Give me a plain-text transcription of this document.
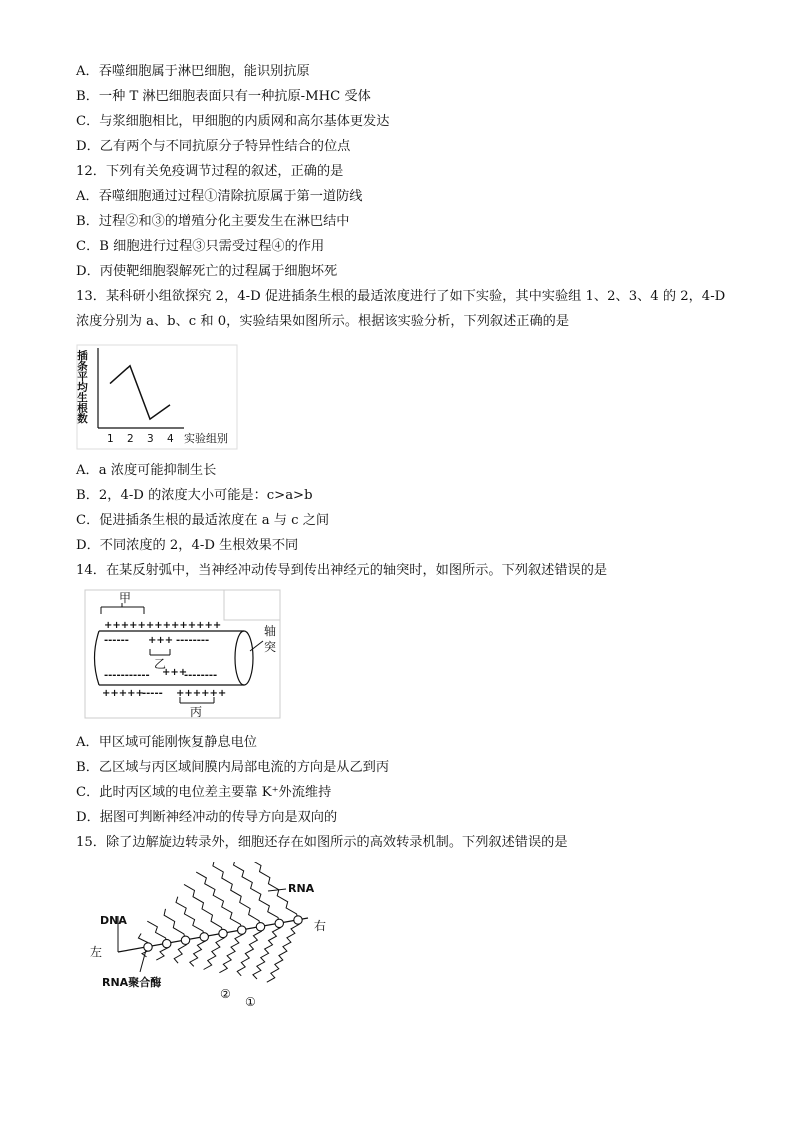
A．吞噬细胞属于淋巴细胞，能识别抗原
B．一种 T 淋巴细胞表面只有一种抗原-MHC 受体
C．与浆细胞相比，甲细胞的内质网和高尔基体更发达
D．乙有两个与不同抗原分子特异性结合的位点
12．下列有关免疫调节过程的叙述，正确的是
A．吞噬细胞通过过程①清除抗原属于第一道防线
B．过程②和③的增殖分化主要发生在淋巴结中
C．B 细胞进行过程③只需受过程④的作用
D．丙使靶细胞裂解死亡的过程属于细胞坏死
13．某科研小组欲探究 2，4-D 促进插条生根的最适浓度进行了如下实验，其中实验组 1、2、3、4 的 2，4-D
浓度分别为 a、b、c 和 0，实验结果如图所示。根据该实验分析，下列叙述正确的是
插条平均生根数
实验组别
1 2 3 4
A．a 浓度可能抑制生长
B．2，4-D 的浓度大小可能是：c>a>b
C．促进插条生根的最适浓度在 a 与 c 之间
D．不同浓度的 2，4-D 生根效果不同
14．在某反射弧中，当神经冲动传导到传出神经元的轴突时，如图所示。下列叙述错误的是
甲
++++++++++++++
------ +++ --------
乙
----------- +++
--------
+++++
----- ++++++
丙
轴
突
A．甲区域可能刚恢复静息电位
B．乙区域与丙区域间膜内局部电流的方向是从乙到丙
C．此时丙区域的电位差主要靠 K⁺外流维持
D．据图可判断神经冲动的传导方向是双向的
15．除了边解旋边转录外，细胞还存在如图所示的高效转录机制。下列叙述错误的是
DNA
左
右
RNA
RNA聚合酶
②
①
